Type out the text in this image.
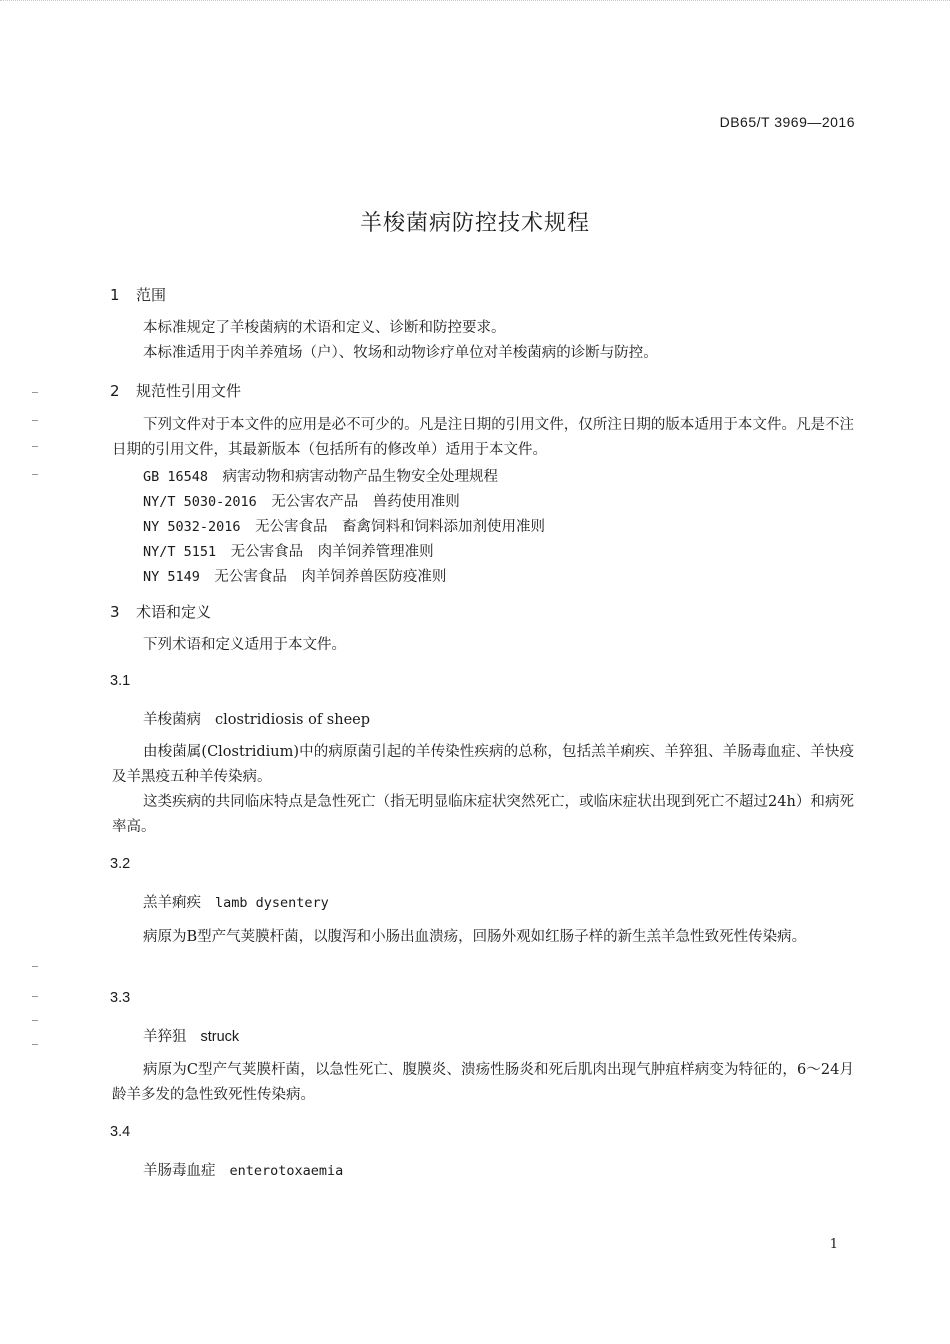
DB65/T 3969—2016
羊梭菌病防控技术规程
1 范围
本标准规定了羊梭菌病的术语和定义、诊断和防控要求。
本标准适用于肉羊养殖场（户）、牧场和动物诊疗单位对羊梭菌病的诊断与防控。
2 规范性引用文件
下列文件对于本文件的应用是必不可少的。凡是注日期的引用文件，仅所注日期的版本适用于本文件。凡是不注日期的引用文件，其最新版本（包括所有的修改单）适用于本文件。
GB 16548　 病害动物和病害动物产品生物安全处理规程
NY/T 5030-2016　 无公害农产品　兽药使用准则
NY 5032-2016　 无公害食品　畜禽饲料和饲料添加剂使用准则
NY/T 5151　 无公害食品　肉羊饲养管理准则
NY 5149　 无公害食品　肉羊饲养兽医防疫准则
3 术语和定义
下列术语和定义适用于本文件。
3.1
羊梭菌病 clostridiosis of sheep
由梭菌属(Clostridium)中的病原菌引起的羊传染性疾病的总称，包括羔羊痢疾、羊猝狙、羊肠毒血症、羊快疫及羊黑疫五种羊传染病。
这类疾病的共同临床特点是急性死亡（指无明显临床症状突然死亡，或临床症状出现到死亡不超过24h）和病死率高。
3.2
羔羊痢疾 lamb dysentery
病原为B型产气荚膜杆菌，以腹泻和小肠出血溃疡，回肠外观如红肠子样的新生羔羊急性致死性传染病。
3.3
羊猝狙 struck
病原为C型产气荚膜杆菌，以急性死亡、腹膜炎、溃疡性肠炎和死后肌肉出现气肿疽样病变为特征的，6～24月龄羊多发的急性致死性传染病。
3.4
羊肠毒血症 enterotoxaemia
1
